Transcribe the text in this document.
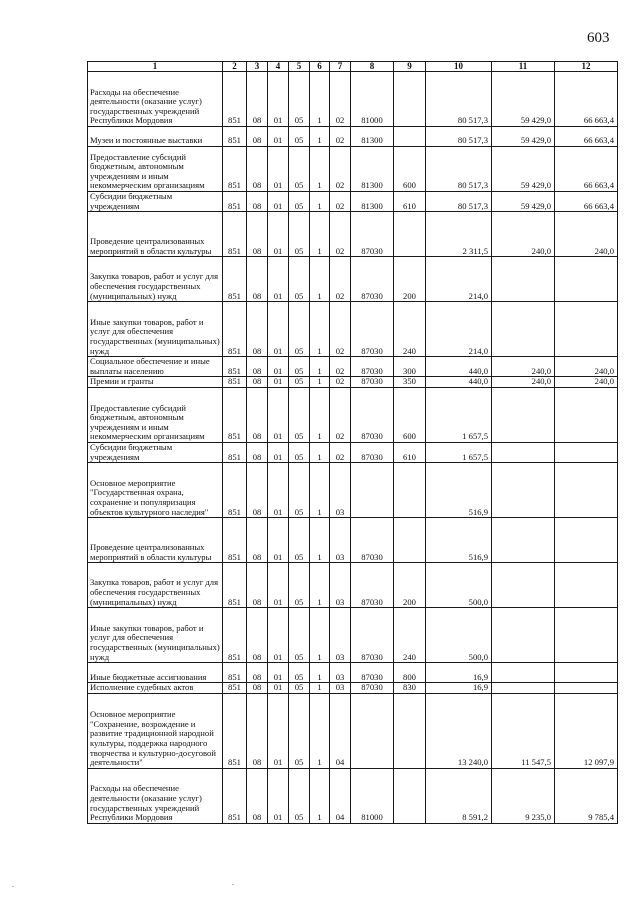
603
1	2	3	4	5	6	7	8	9	10	11	12
Расходы на обеспечение деятельности (оказание услуг) государственных учреждений Республики Мордовия	851	08	01	05	1	02	81000		80 517,3	59 429,0	66 663,4
Музеи и постоянные выставки	851	08	01	05	1	02	81300		80 517,3	59 429,0	66 663,4
Предоставление субсидий бюджетным, автономным учреждениям и иным некоммерческим организациям	851	08	01	05	1	02	81300	600	80 517,3	59 429,0	66 663,4
Субсидии бюджетным учреждениям	851	08	01	05	1	02	81300	610	80 517,3	59 429,0	66 663,4
Проведение централизованных мероприятий в области культуры	851	08	01	05	1	02	87030		2 311,5	240,0	240,0
Закупка товаров, работ и услуг для обеспечения государственных (муниципальных) нужд	851	08	01	05	1	02	87030	200	214,0		
Иные закупки товаров, работ и услуг для обеспечения государственных (муниципальных) нужд	851	08	01	05	1	02	87030	240	214,0		
Социальное обеспечение и иные выплаты населению	851	08	01	05	1	02	87030	300	440,0	240,0	240,0
Премии и гранты	851	08	01	05	1	02	87030	350	440,0	240,0	240,0
Предоставление субсидий бюджетным, автономным учреждениям и иным некоммерческим организациям	851	08	01	05	1	02	87030	600	1 657,5		
Субсидии бюджетным учреждениям	851	08	01	05	1	02	87030	610	1 657,5		
Основное мероприятие "Государственная охрана, сохранение и популяризация объектов культурного наследия"	851	08	01	05	1	03			516,9		
Проведение централизованных мероприятий в области культуры	851	08	01	05	1	03	87030		516,9		
Закупка товаров, работ и услуг для обеспечения государственных (муниципальных) нужд	851	08	01	05	1	03	87030	200	500,0		
Иные закупки товаров, работ и услуг для обеспечения государственных (муниципальных) нужд	851	08	01	05	1	03	87030	240	500,0		
Иные бюджетные ассигнования	851	08	01	05	1	03	87030	800	16,9		
Исполнение судебных актов	851	08	01	05	1	03	87030	830	16,9		
Основное мероприятие "Сохранение, возрождение и развитие традиционной народной культуры, поддержка народного творчества и культурно-досуговой деятельности"	851	08	01	05	1	04			13 240,0	11 547,5	12 097,9
Расходы на обеспечение деятельности (оказание услуг) государственных учреждений Республики Мордовия	851	08	01	05	1	04	81000		8 591,2	9 235,0	9 785,4
.	.
